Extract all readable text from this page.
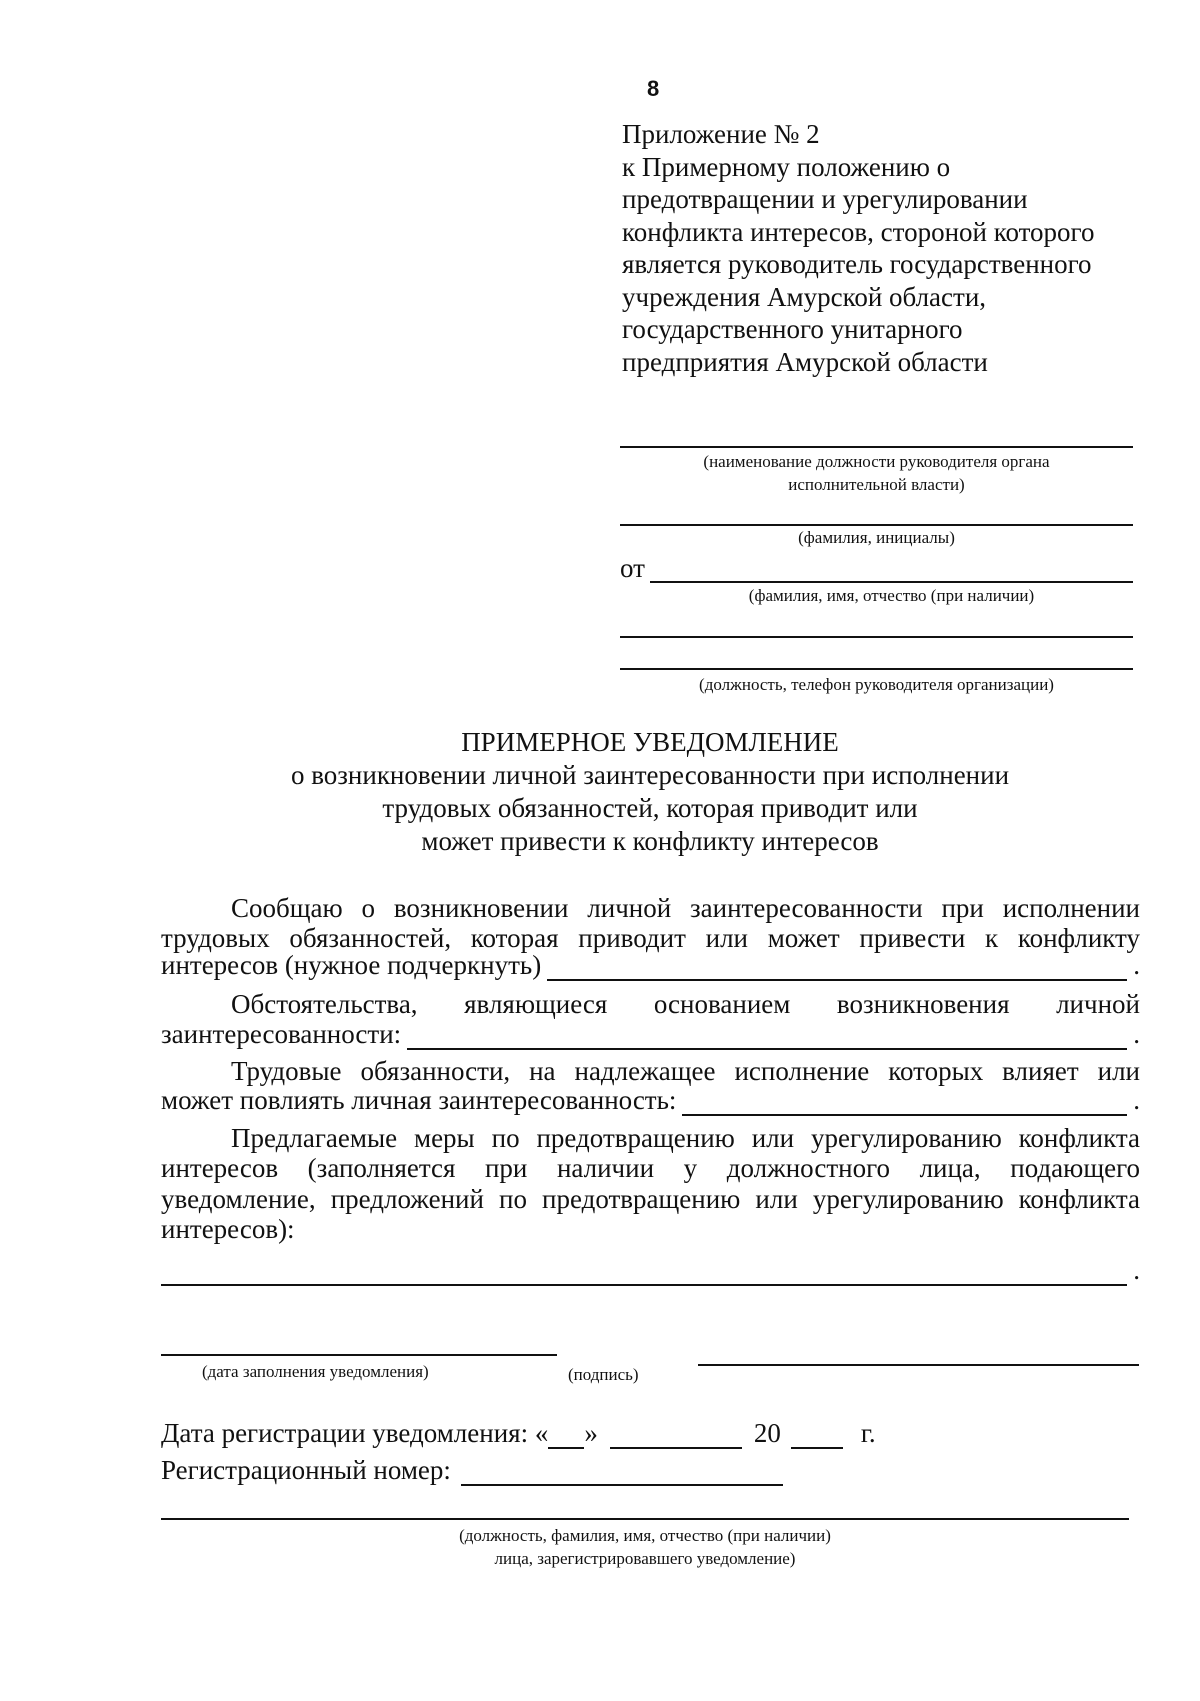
8
Приложение № 2
к Примерному положению о
предотвращении и урегулировании
конфликта интересов, стороной которого
является руководитель государственного
учреждения Амурской области,
государственного унитарного
предприятия Амурской области
(наименование должности руководителя органа
исполнительной власти)
(фамилия, инициалы)
от
(фамилия, имя, отчество (при наличии)
(должность, телефон руководителя организации)
ПРИМЕРНОЕ УВЕДОМЛЕНИЕ
о возникновении личной заинтересованности при исполнении
трудовых обязанностей, которая приводит или
может привести к конфликту интересов
Сообщаю о возникновении личной заинтересованности при исполнении
трудовых обязанностей, которая приводит или может привести к конфликту
интересов (нужное подчеркнуть)	.
Обстоятельства, являющиеся основанием возникновения личной
заинтересованности:	.
Трудовые обязанности, на надлежащее исполнение которых влияет или
может повлиять личная заинтересованность:	.
Предлагаемые меры по предотвращению или урегулированию конфликта
интересов (заполняется при наличии у должностного лица, подающего
уведомление, предложений по предотвращению или урегулированию конфликта
интересов):
.
(дата заполнения уведомления)	(подпись)
Дата регистрации уведомления: « »	20	г.
Регистрационный номер:
(должность, фамилия, имя, отчество (при наличии)
лица, зарегистрировавшего уведомление)
